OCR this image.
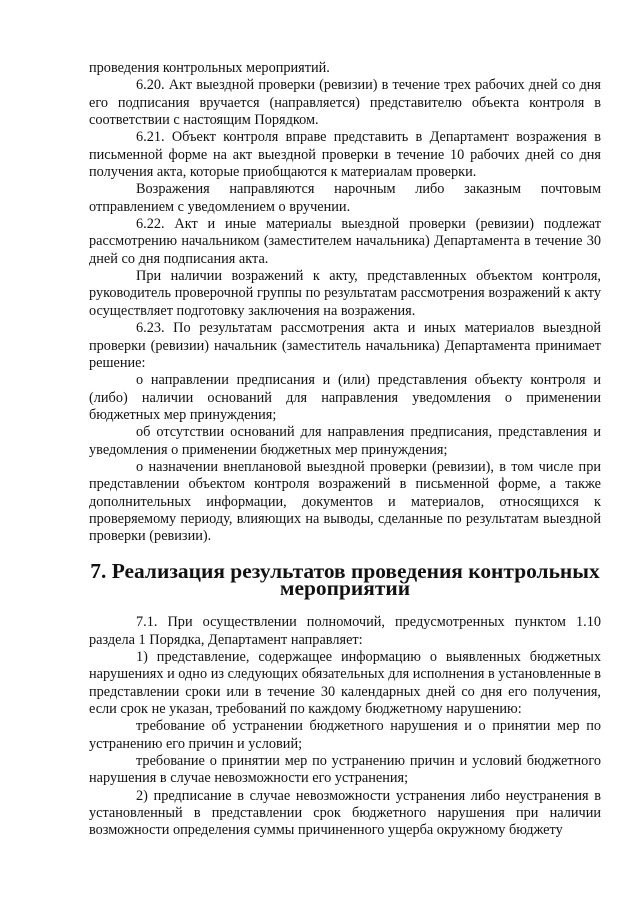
проведения контрольных мероприятий.

6.20. Акт выездной проверки (ревизии) в течение трех рабочих дней со дня его подписания вручается (направляется) представителю объекта контроля в соответствии с настоящим Порядком.

6.21. Объект контроля вправе представить в Департамент возражения в письменной форме на акт выездной проверки в течение 10 рабочих дней со дня получения акта, которые приобщаются к материалам проверки.

Возражения направляются нарочным либо заказным почтовым отправлением с уведомлением о вручении.

6.22. Акт и иные материалы выездной проверки (ревизии) подлежат рассмотрению начальником (заместителем начальника) Департамента в течение 30 дней со дня подписания акта.

При наличии возражений к акту, представленных объектом контроля, руководитель проверочной группы по результатам рассмотрения возражений к акту осуществляет подготовку заключения на возражения.

6.23. По результатам рассмотрения акта и иных материалов выездной проверки (ревизии) начальник (заместитель начальника) Департамента принимает решение:

о направлении предписания и (или) представления объекту контроля и (либо) наличии оснований для направления уведомления о применении бюджетных мер принуждения;

об отсутствии оснований для направления предписания, представления и уведомления о применении бюджетных мер принуждения;

о назначении внеплановой выездной проверки (ревизии), в том числе при представлении объектом контроля возражений в письменной форме, а также дополнительных информации, документов и материалов, относящихся к проверяемому периоду, влияющих на выводы, сделанные по результатам выездной проверки (ревизии).

7. Реализация результатов проведения контрольных мероприятий

7.1. При осуществлении полномочий, предусмотренных пунктом 1.10 раздела 1 Порядка, Департамент направляет:

1) представление, содержащее информацию о выявленных бюджетных нарушениях и одно из следующих обязательных для исполнения в установленные в представлении сроки или в течение 30 календарных дней со дня его получения, если срок не указан, требований по каждому бюджетному нарушению:

требование об устранении бюджетного нарушения и о принятии мер по устранению его причин и условий;

требование о принятии мер по устранению причин и условий бюджетного нарушения в случае невозможности его устранения;

2) предписание в случае невозможности устранения либо неустранения в установленный в представлении срок бюджетного нарушения при наличии возможности определения суммы причиненного ущерба окружному бюджету
